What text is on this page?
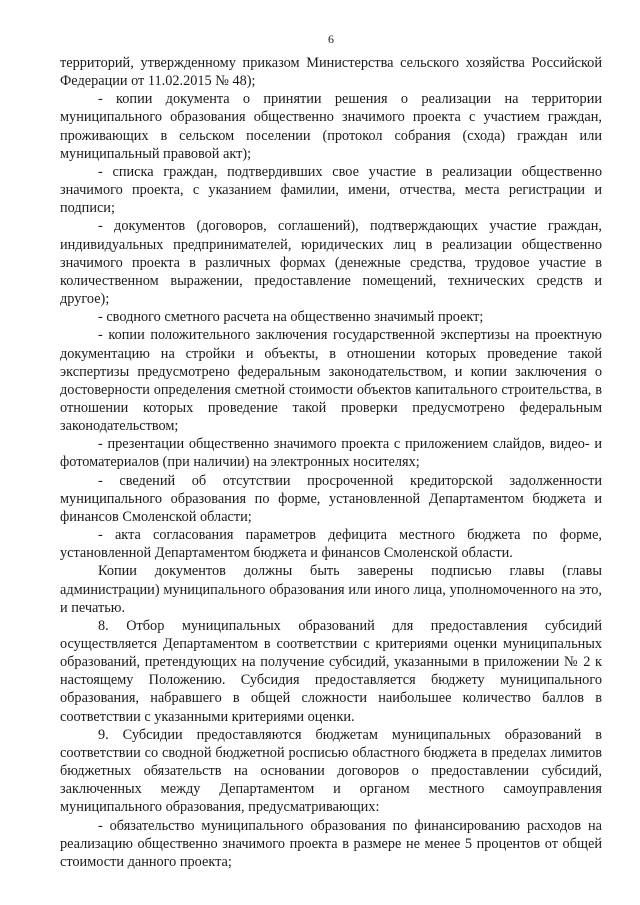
6

территорий, утвержденному приказом Министерства сельского хозяйства Российской Федерации от 11.02.2015 № 48);

- копии документа о принятии решения о реализации на территории муниципального образования общественно значимого проекта с участием граждан, проживающих в сельском поселении (протокол собрания (схода) граждан или муниципальный правовой акт);

- списка граждан, подтвердивших свое участие в реализации общественно значимого проекта, с указанием фамилии, имени, отчества, места регистрации и подписи;

- документов (договоров, соглашений), подтверждающих участие граждан, индивидуальных предпринимателей, юридических лиц в реализации общественно значимого проекта в различных формах (денежные средства, трудовое участие в количественном выражении, предоставление помещений, технических средств и другое);

- сводного сметного расчета на общественно значимый проект;

- копии положительного заключения государственной экспертизы на проектную документацию на стройки и объекты, в отношении которых проведение такой экспертизы предусмотрено федеральным законодательством, и копии заключения о достоверности определения сметной стоимости объектов капитального строительства, в отношении которых проведение такой проверки предусмотрено федеральным законодательством;

- презентации общественно значимого проекта с приложением слайдов, видео- и фотоматериалов (при наличии) на электронных носителях;

- сведений об отсутствии просроченной кредиторской задолженности муниципального образования по форме, установленной Департаментом бюджета и финансов Смоленской области;

- акта согласования параметров дефицита местного бюджета по форме, установленной Департаментом бюджета и финансов Смоленской области.

Копии документов должны быть заверены подписью главы (главы администрации) муниципального образования или иного лица, уполномоченного на это, и печатью.

8. Отбор муниципальных образований для предоставления субсидий осуществляется Департаментом в соответствии с критериями оценки муниципальных образований, претендующих на получение субсидий, указанными в приложении № 2 к настоящему Положению. Субсидия предоставляется бюджету муниципального образования, набравшего в общей сложности наибольшее количество баллов в соответствии с указанными критериями оценки.

9. Субсидии предоставляются бюджетам муниципальных образований в соответствии со сводной бюджетной росписью областного бюджета в пределах лимитов бюджетных обязательств на основании договоров о предоставлении субсидий, заключенных между Департаментом и органом местного самоуправления муниципального образования, предусматривающих:

- обязательство муниципального образования по финансированию расходов на реализацию общественно значимого проекта в размере не менее 5 процентов от общей стоимости данного проекта;
